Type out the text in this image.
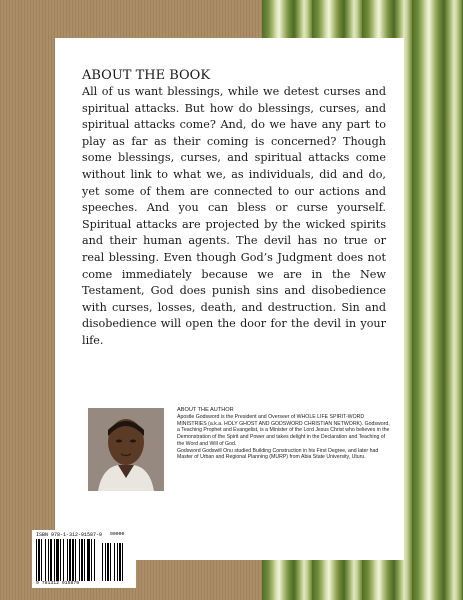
ABOUT THE BOOK

All of us want blessings, while we detest curses and spiritual attacks. But how do blessings, curses, and spiritual attacks come? And, do we have any part to play as far as their coming is concerned? Though some blessings, curses, and spiritual attacks come without link to what we, as individuals, did and do, yet some of them are connected to our actions and speeches. And you can bless or curse yourself. Spiritual attacks are projected by the wicked spirits and their human agents. The devil has no true or real blessing. Even though God’s Judgment does not come immediately because we are in the New Testament, God does punish sins and disobedience with curses, losses, death, and destruction. Sin and disobedience will open the door for the devil in your life.

ABOUT THE AUTHOR

Apostle Godsword is the President and Overseer of WHOLE LIFE SPIRIT-WORD MINISTRIES (a.k.a. HOLY GHOST AND GODSWORD CHRISTIAN NETWORK). Godsword, a Teaching Prophet and Evangelist, is a Minister of the Lord Jesus Christ who believes in the Demonstration of the Spirit and Power and takes delight in the Declaration and Teaching of the Word and Will of God.

Godsword Godswill Onu studied Building Construction in his First Degree, and later had Master of Urban and Regional Planning (MURP) from Abia State University, Uturu.

ISBN 978-1-312-91587-9 90000
9 781312 915879
